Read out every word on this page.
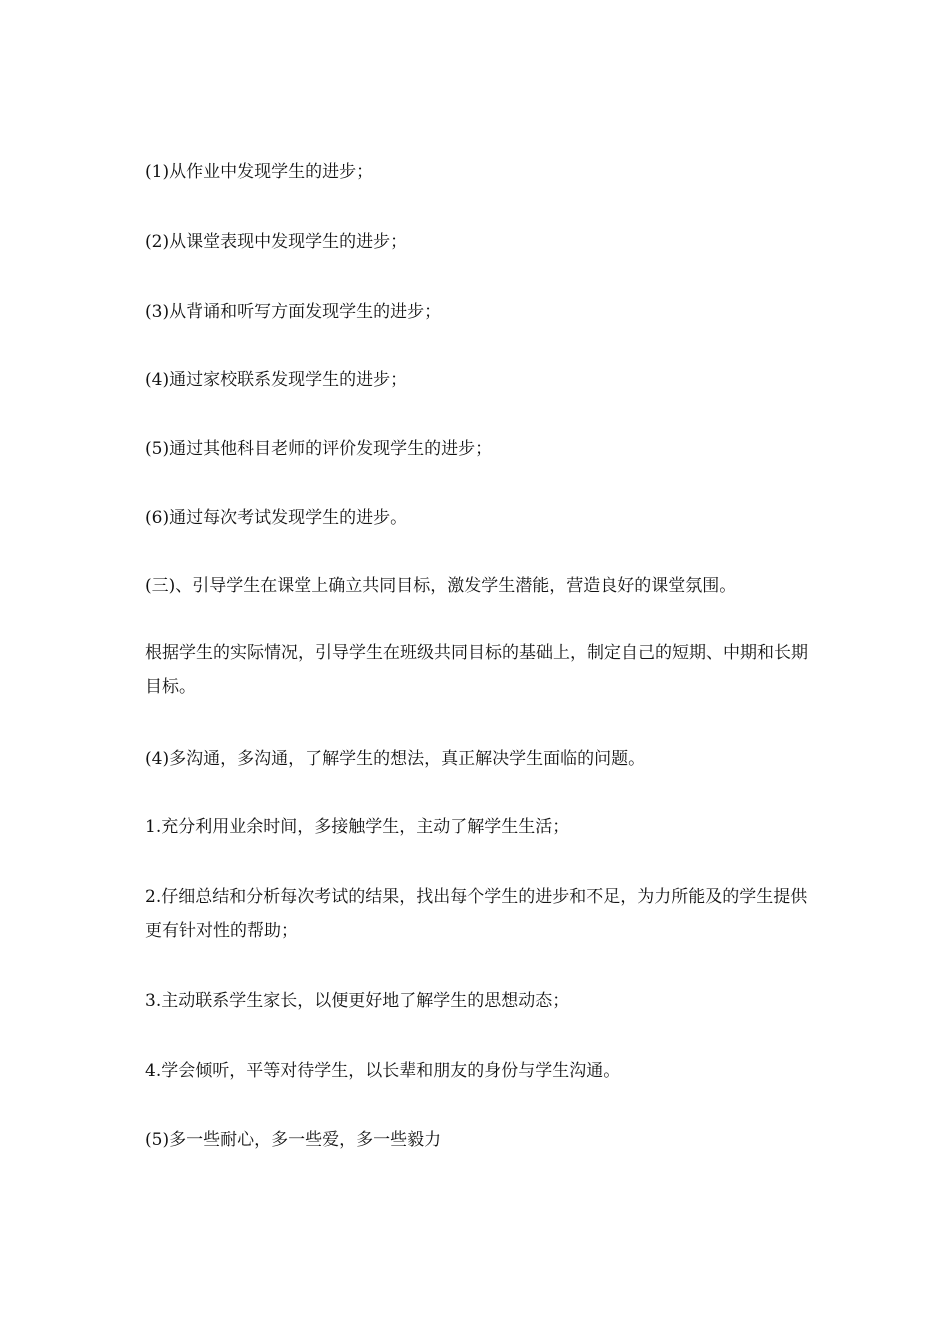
(1)从作业中发现学生的进步；

(2)从课堂表现中发现学生的进步；

(3)从背诵和听写方面发现学生的进步；

(4)通过家校联系发现学生的进步；

(5)通过其他科目老师的评价发现学生的进步；

(6)通过每次考试发现学生的进步。

(三)、引导学生在课堂上确立共同目标，激发学生潜能，营造良好的课堂氛围。

根据学生的实际情况，引导学生在班级共同目标的基础上，制定自己的短期、中期和长期目标。

(4)多沟通，多沟通，了解学生的想法，真正解决学生面临的问题。

1.充分利用业余时间，多接触学生，主动了解学生生活；

2.仔细总结和分析每次考试的结果，找出每个学生的进步和不足，为力所能及的学生提供更有针对性的帮助；

3.主动联系学生家长，以便更好地了解学生的思想动态；

4.学会倾听，平等对待学生，以长辈和朋友的身份与学生沟通。

(5)多一些耐心，多一些爱，多一些毅力
